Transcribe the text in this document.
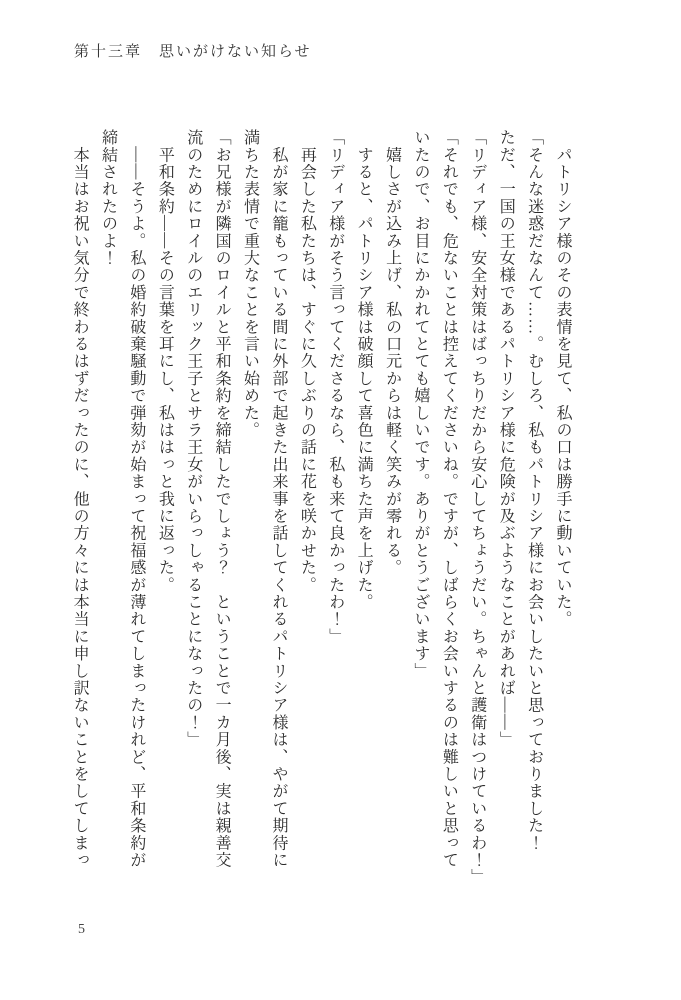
第十三章　思いがけない知らせ

　パトリシア様のその表情を見て、私の口は勝手に動いていた。

「そんな迷惑だなんて……。むしろ、私もパトリシア様にお会いしたいと思っておりました！

ただ、一国の王女様であるパトリシア様に危険が及ぶようなことがあれば――」

「リディア様、安全対策はばっちりだから安心してちょうだい。ちゃんと護衛はつけているわ！」

「それでも、危ないことは控えてくださいね。ですが、しばらくお会いするのは難しいと思って

いたので、お目にかかれてとても嬉しいです。ありがとうございます」

　嬉しさが込み上げ、私の口元からは軽く笑みが零れる。

　すると、パトリシア様は破顔して喜色に満ちた声を上げた。

「リディア様がそう言ってくださるなら、私も来て良かったわ！」

　再会した私たちは、すぐに久しぶりの話に花を咲かせた。

　私が家に籠もっている間に外部で起きた出来事を話してくれるパトリシア様は、やがて期待に

満ちた表情で重大なことを言い始めた。

「お兄様が隣国のロイルと平和条約を締結したでしょう？　ということで一カ月後、実は親善交

流のためにロイルのエリック王子とサラ王女がいらっしゃることになったの！」

　平和条約――その言葉を耳にし、私ははっと我に返った。

　――そうよ。私の婚約破棄騒動で弾劾が始まって祝福感が薄れてしまったけれど、平和条約が

締結されたのよ！

　本当はお祝い気分で終わるはずだったのに、他の方々には本当に申し訳ないことをしてしまっ

5
